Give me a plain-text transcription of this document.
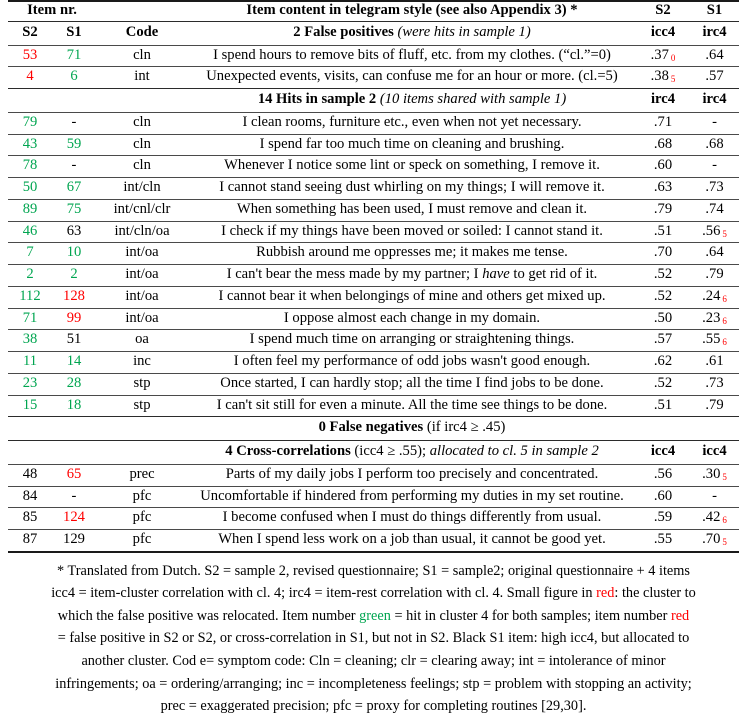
Item nr.			Item content in telegram style (see also Appendix 3) *	S2	S1
S2	S1	Code	2 False positives (were hits in sample 1)	icc4	irc4
53	71	cln	I spend hours to remove bits of fluff, etc. from my clothes. (“cl.”=0)	.37 0	.64
4	6	int	Unexpected events, visits, can confuse me for an hour or more. (cl.=5)	.38 5	.57
			14 Hits in sample 2 (10 items shared with sample 1)	irc4	irc4
79	-	cln	I clean rooms, furniture etc., even when not yet necessary.	.71	-
43	59	cln	I spend far too much time on cleaning and brushing.	.68	.68
78	-	cln	Whenever I notice some lint or speck on something, I remove it.	.60	-
50	67	int/cln	I cannot stand seeing dust whirling on my things; I will remove it.	.63	.73
89	75	int/cnl/clr	When something has been used, I must remove and clean it.	.79	.74
46	63	int/cln/oa	I check if my things have been moved or soiled: I cannot stand it.	.51	.56 5
7	10	int/oa	Rubbish around me oppresses me; it makes me tense.	.70	.64
2	2	int/oa	I can't bear the mess made by my partner; I have to get rid of it.	.52	.79
112	128	int/oa	I cannot bear it when belongings of mine and others get mixed up.	.52	.24 6
71	99	int/oa	I oppose almost each change in my domain.	.50	.23 6
38	51	oa	I spend much time on arranging or straightening things.	.57	.55 6
11	14	inc	I often feel my performance of odd jobs wasn't good enough.	.62	.61
23	28	stp	Once started, I can hardly stop; all the time I find jobs to be done.	.52	.73
15	18	stp	I can't sit still for even a minute. All the time see things to be done.	.51	.79
			0 False negatives (if irc4 ≥ .45)		
			4 Cross-correlations (icc4 ≥ .55); allocated to cl. 5 in sample 2	icc4	icc4
48	65	prec	Parts of my daily jobs I perform too precisely and concentrated.	.56	.30 5
84	-	pfc	Uncomfortable if hindered from performing my duties in my set routine.	.60	-
85	124	pfc	I become confused when I must do things differently from usual.	.59	.42 6
87	129	pfc	When I spend less work on a job than usual, it cannot be good yet.	.55	.70 5

* Translated from Dutch. S2 = sample 2, revised questionnaire; S1 = sample2; original questionnaire + 4 items
icc4 = item-cluster correlation with cl. 4; irc4 = item-rest correlation with cl. 4. Small figure in red: the cluster to
which the false positive was relocated. Item number green = hit in cluster 4 for both samples; item number red
= false positive in S2 or S2, or cross-correlation in S1, but not in S2. Black S1 item: high icc4, but allocated to
another cluster. Cod e= symptom code: Cln = cleaning; clr = clearing away; int = intolerance of minor
infringements; oa = ordering/arranging; inc = incompleteness feelings; stp = problem with stopping an activity;
prec = exaggerated precision; pfc = proxy for completing routines [29,30].
